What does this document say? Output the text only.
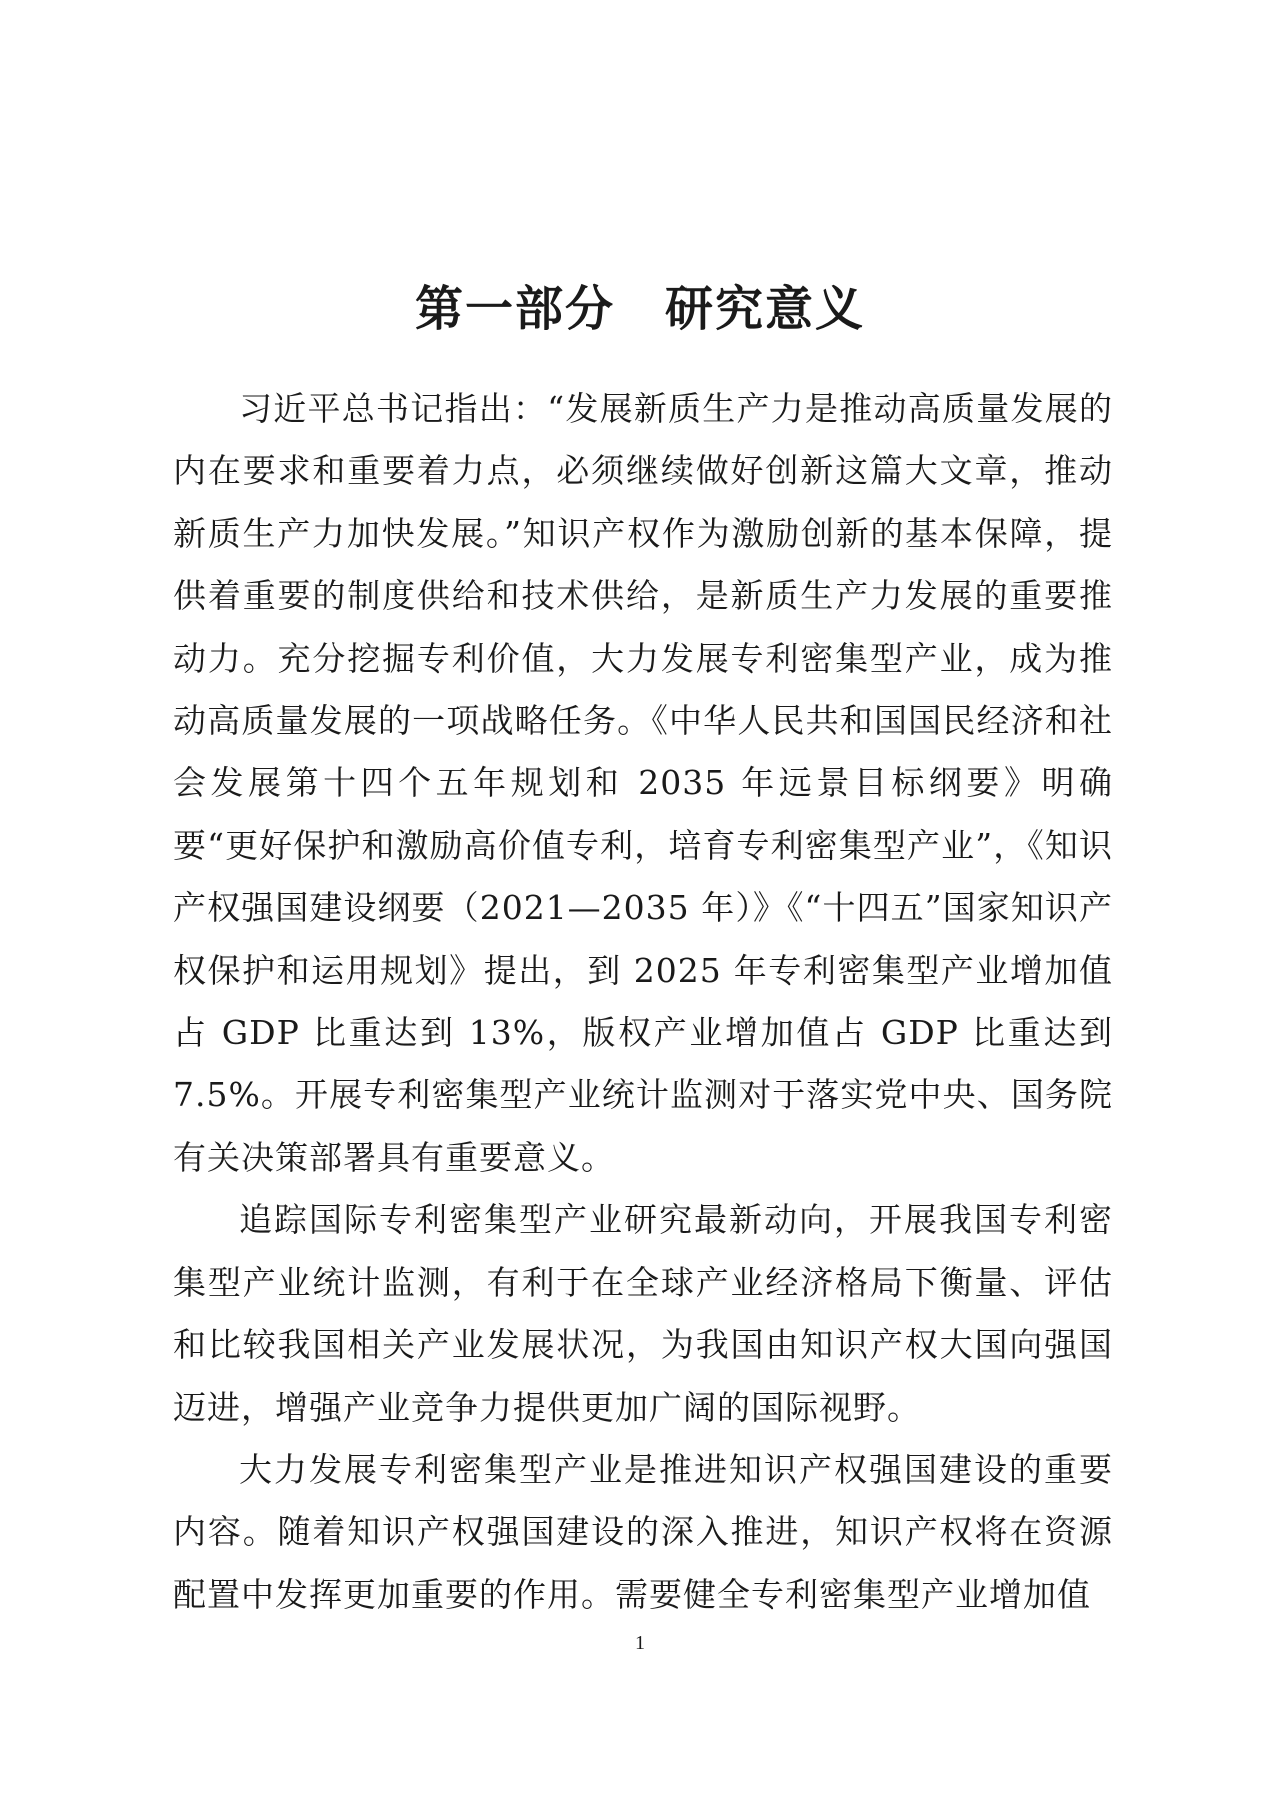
第一部分　研究意义

习近平总书记指出：“发展新质生产力是推动高质量发展的内在要求和重要着力点，必须继续做好创新这篇大文章，推动新质生产力加快发展。”知识产权作为激励创新的基本保障，提供着重要的制度供给和技术供给，是新质生产力发展的重要推动力。充分挖掘专利价值，大力发展专利密集型产业，成为推动高质量发展的一项战略任务。《中华人民共和国国民经济和社会发展第十四个五年规划和 2035 年远景目标纲要》明确要“更好保护和激励高价值专利，培育专利密集型产业”，《知识产权强国建设纲要（2021—2035 年）》《“十四五”国家知识产权保护和运用规划》提出，到 2025 年专利密集型产业增加值占 GDP 比重达到 13%，版权产业增加值占 GDP 比重达到 7.5%。开展专利密集型产业统计监测对于落实党中央、国务院有关决策部署具有重要意义。

追踪国际专利密集型产业研究最新动向，开展我国专利密集型产业统计监测，有利于在全球产业经济格局下衡量、评估和比较我国相关产业发展状况，为我国由知识产权大国向强国迈进，增强产业竞争力提供更加广阔的国际视野。

大力发展专利密集型产业是推进知识产权强国建设的重要内容。随着知识产权强国建设的深入推进，知识产权将在资源配置中发挥更加重要的作用。需要健全专利密集型产业增加值

1
